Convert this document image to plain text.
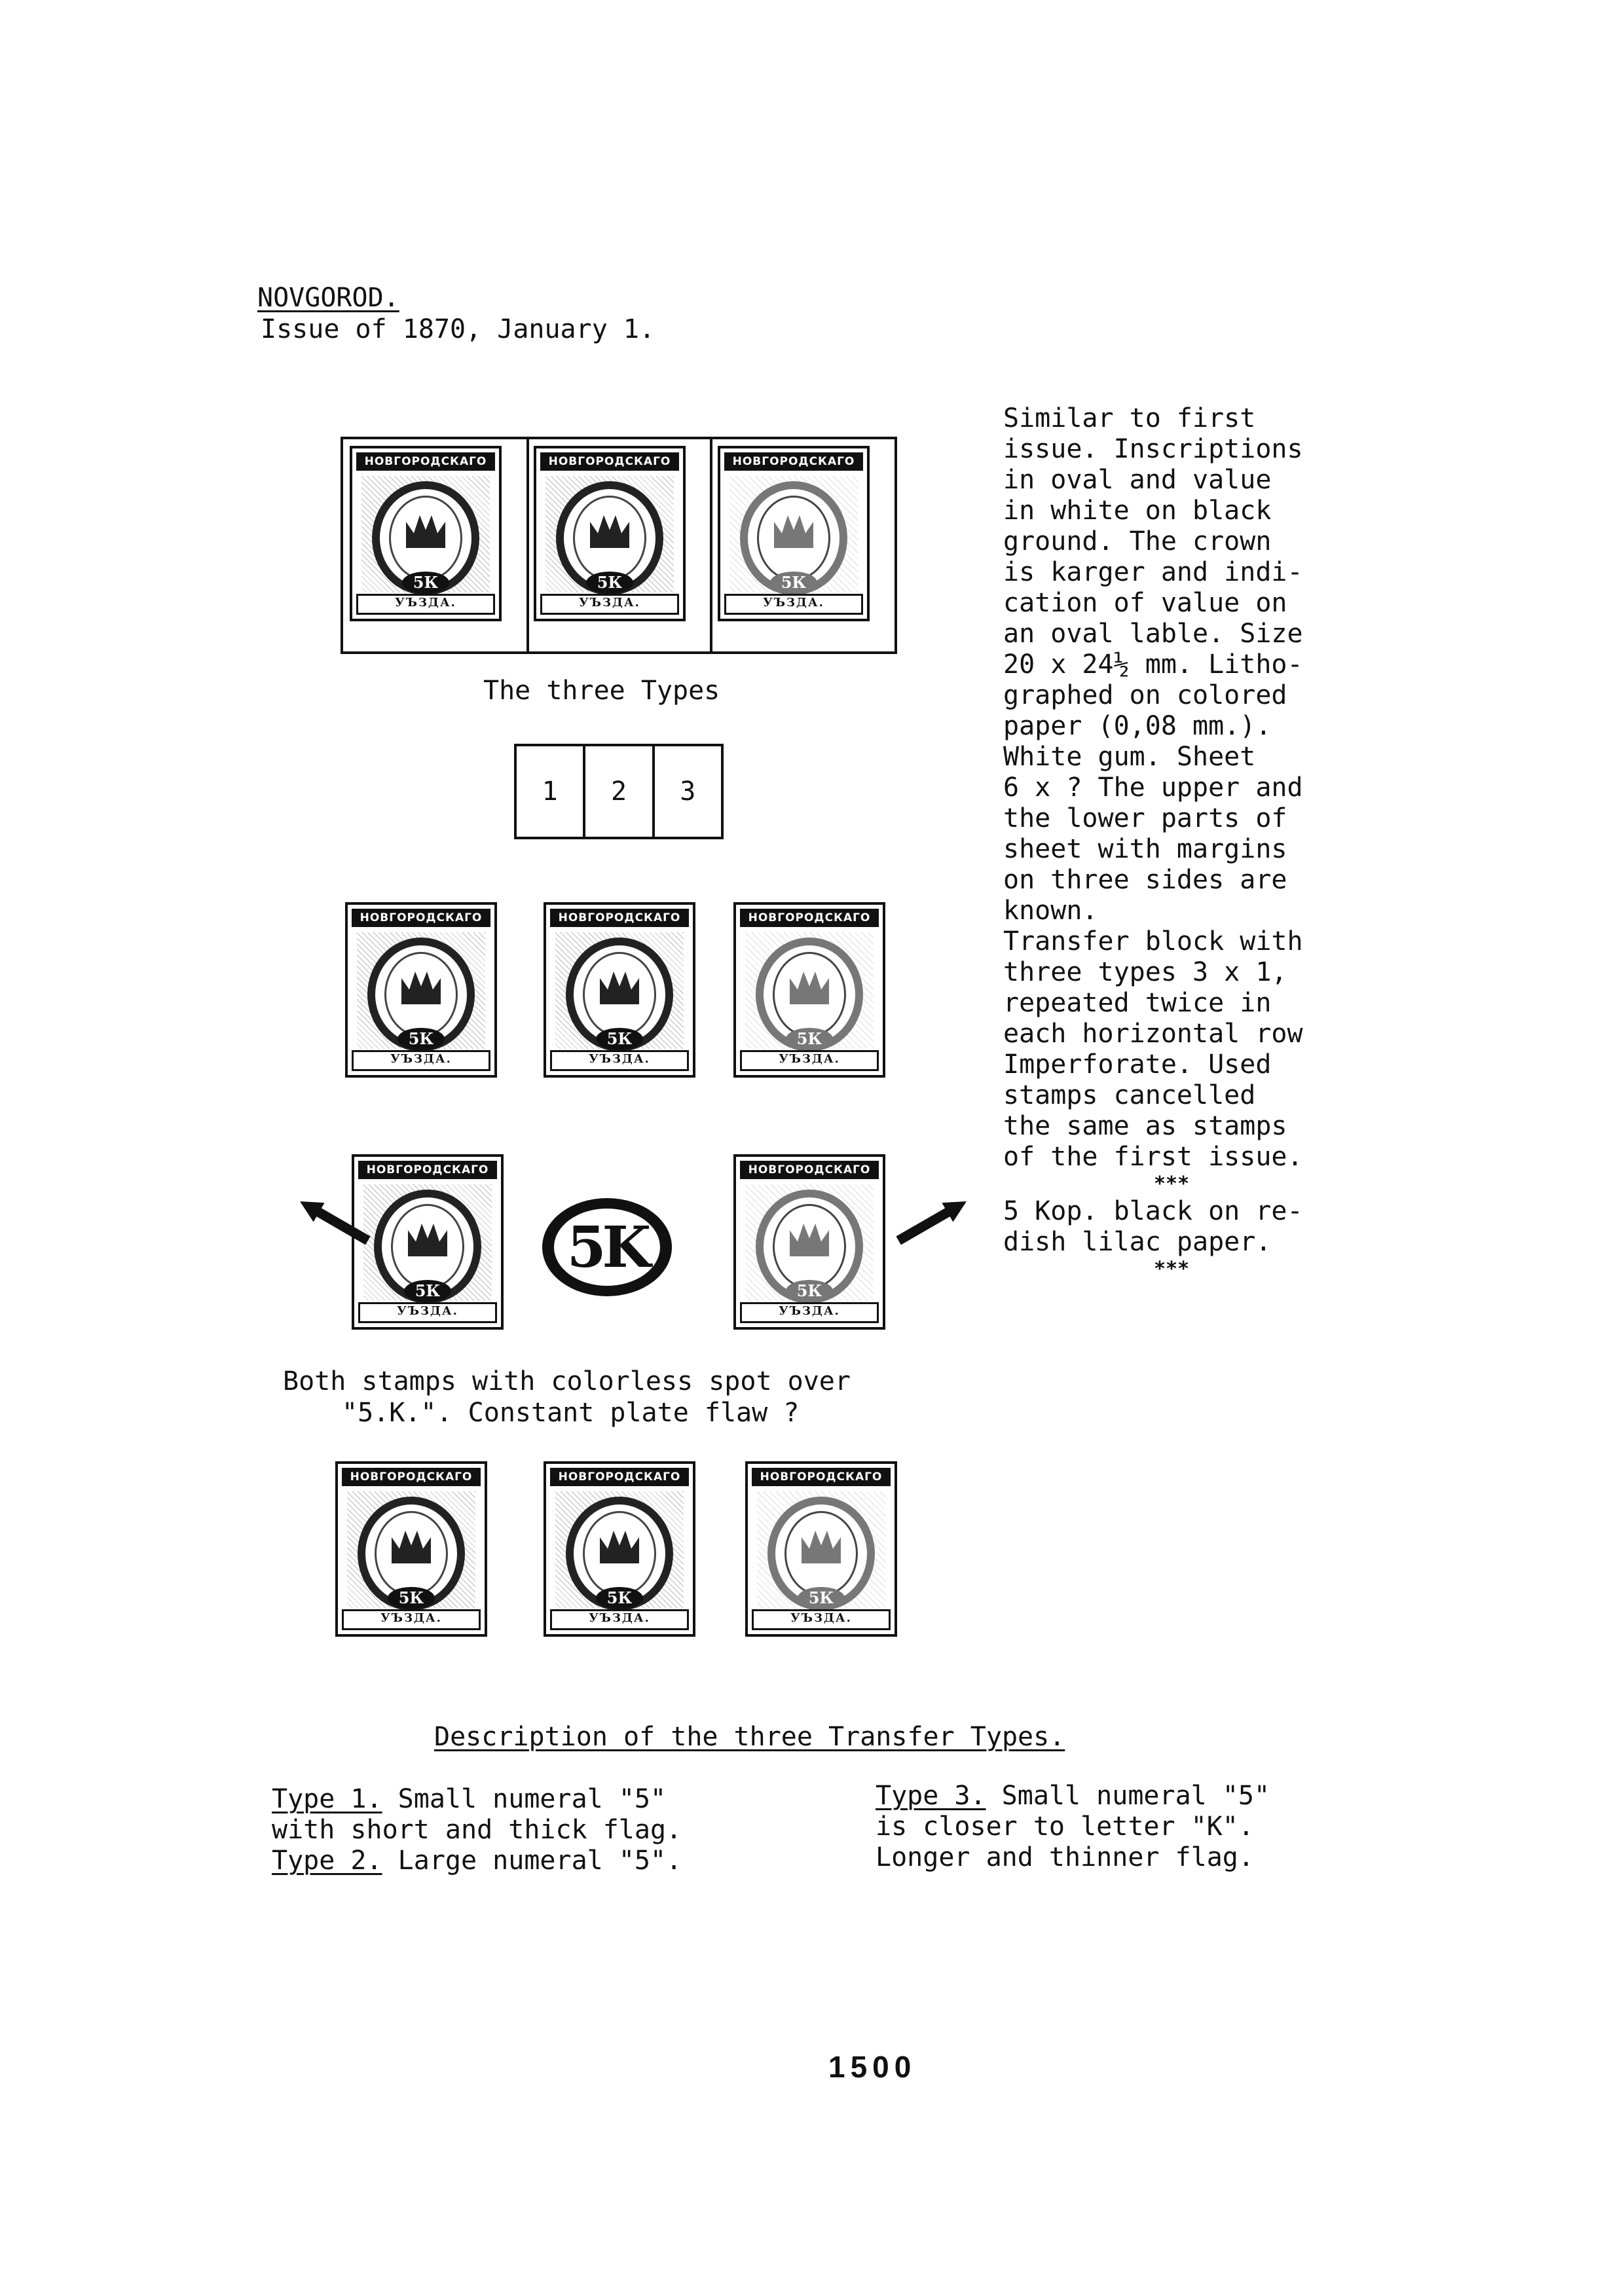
NOVGOROD.
Issue of 1870, January 1.
НОВГОРОДСКАГО
5К
УЪЗДА.
НОВГОРОДСКАГО
5К
УЪЗДА.
НОВГОРОДСКАГО
5К
УЪЗДА.
НОВГОРОДСКАГО
5К
УЪЗДА.
НОВГОРОДСКАГО
5К
УЪЗДА.
НОВГОРОДСКАГО
5К
УЪЗДА.
НОВГОРОДСКАГО
5К
УЪЗДА.
НОВГОРОДСКАГО
5К
УЪЗДА.
НОВГОРОДСКАГО
5К
УЪЗДА.
НОВГОРОДСКАГО
5К
УЪЗДА.
НОВГОРОДСКАГО
5К
УЪЗДА.
The three Types
1	2	3
5K
Both stamps with colorless spot over
"5.K.". Constant plate flaw ?
Similar to first
issue. Inscriptions
in oval and value
in white on black
ground. The crown
is karger and indi-
cation of value on
an oval lable. Size
20 x 24½ mm. Litho-
graphed on colored
paper (0,08 mm.).
White gum. Sheet
6 x ? The upper and
the lower parts of
sheet with margins
on three sides are
known.
Transfer block with
three types 3 x 1,
repeated twice in
each horizontal row
Imperforate. Used
stamps cancelled
the same as stamps
of the first issue.
***
5 Kop. black on re-
dish lilac paper.
***
Description of the three Transfer Types.
Type 1. Small numeral "5"
with short and thick flag.
Type 2. Large numeral "5".
Type 3. Small numeral "5"
is closer to letter "K".
Longer and thinner flag.
1500
